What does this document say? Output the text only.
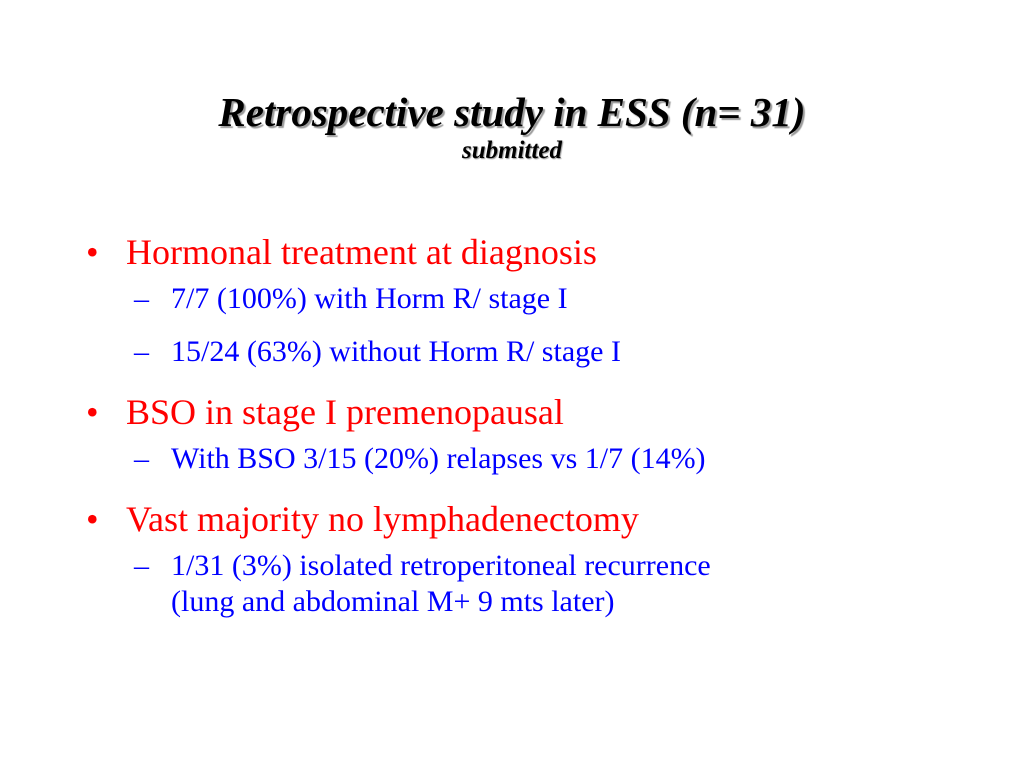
Retrospective study in ESS (n= 31)

submitted

• Hormonal treatment at diagnosis
– 7/7 (100%) with Horm R/ stage I
– 15/24 (63%) without Horm R/ stage I
• BSO in stage I premenopausal
– With BSO 3/15 (20%) relapses vs 1/7 (14%)
• Vast majority no lymphadenectomy
– 1/31 (3%) isolated retroperitoneal recurrence
(lung and abdominal M+ 9 mts later)
